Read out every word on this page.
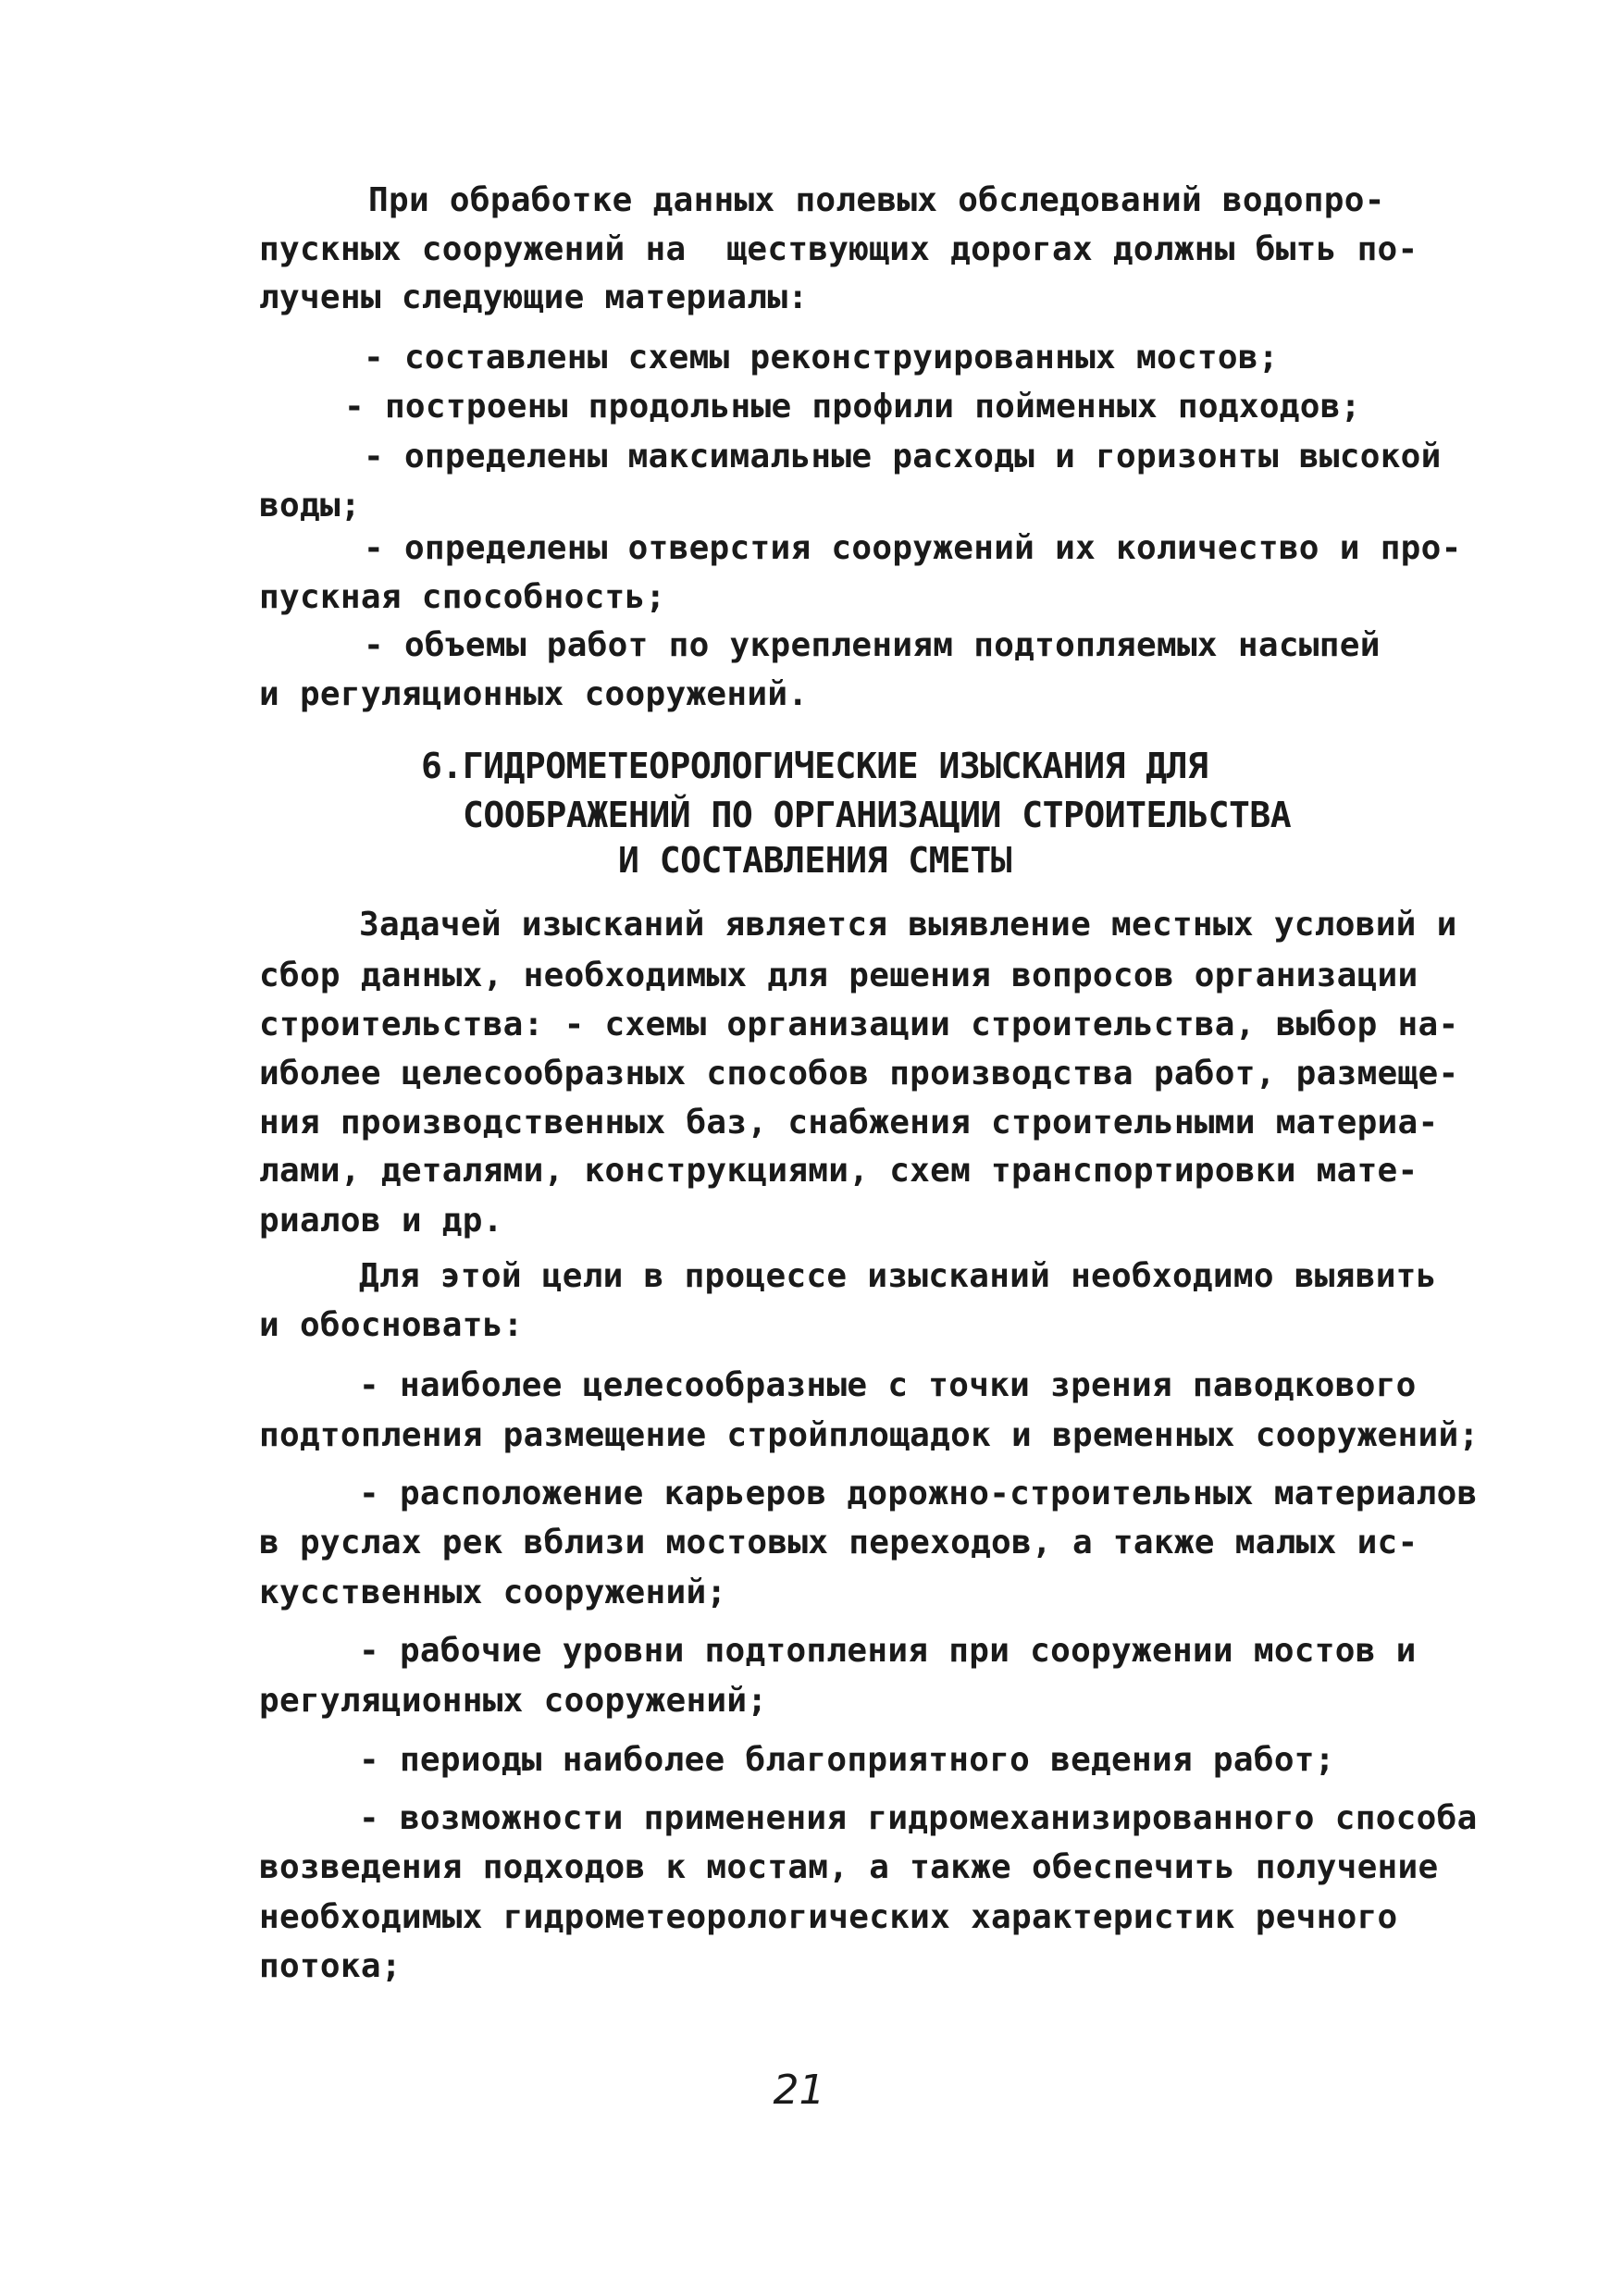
При обработке данных полевых обследований водопро-
пускных сооружений на  ществующих дорогах должны быть по-
лучены следующие материалы:
- составлены схемы реконструированных мостов;
- построены продольные профили пойменных подходов;
- определены максимальные расходы и горизонты высокой
воды;
- определены отверстия сооружений их количество и про-
пускная способность;
- объемы работ по укреплениям подтопляемых насыпей
и регуляционных сооружений.
6.ГИДРОМЕТЕОРОЛОГИЧЕСКИЕ ИЗЫСКАНИЯ ДЛЯ
СООБРАЖЕНИЙ ПО ОРГАНИЗАЦИИ СТРОИТЕЛЬСТВА
И СОСТАВЛЕНИЯ СМЕТЫ
Задачей изысканий является выявление местных условий и
сбор данных, необходимых для решения вопросов организации
строительства: - схемы организации строительства, выбор на-
иболее целесообразных способов производства работ, размеще-
ния производственных баз, снабжения строительными материа-
лами, деталями, конструкциями, схем транспортировки мате-
риалов и др.
Для этой цели в процессе изысканий необходимо выявить
и обосновать:
- наиболее целесообразные с точки зрения паводкового
подтопления размещение стройплощадок и временных сооружений;
- расположение карьеров дорожно-строительных материалов
в руслах рек вблизи мостовых переходов, а также малых ис-
кусственных сооружений;
- рабочие уровни подтопления при сооружении мостов и
регуляционных сооружений;
- периоды наиболее благоприятного ведения работ;
- возможности применения гидромеханизированного способа
возведения подходов к мостам, а также обеспечить получение
необходимых гидрометеорологических характеристик речного
потока;
21
